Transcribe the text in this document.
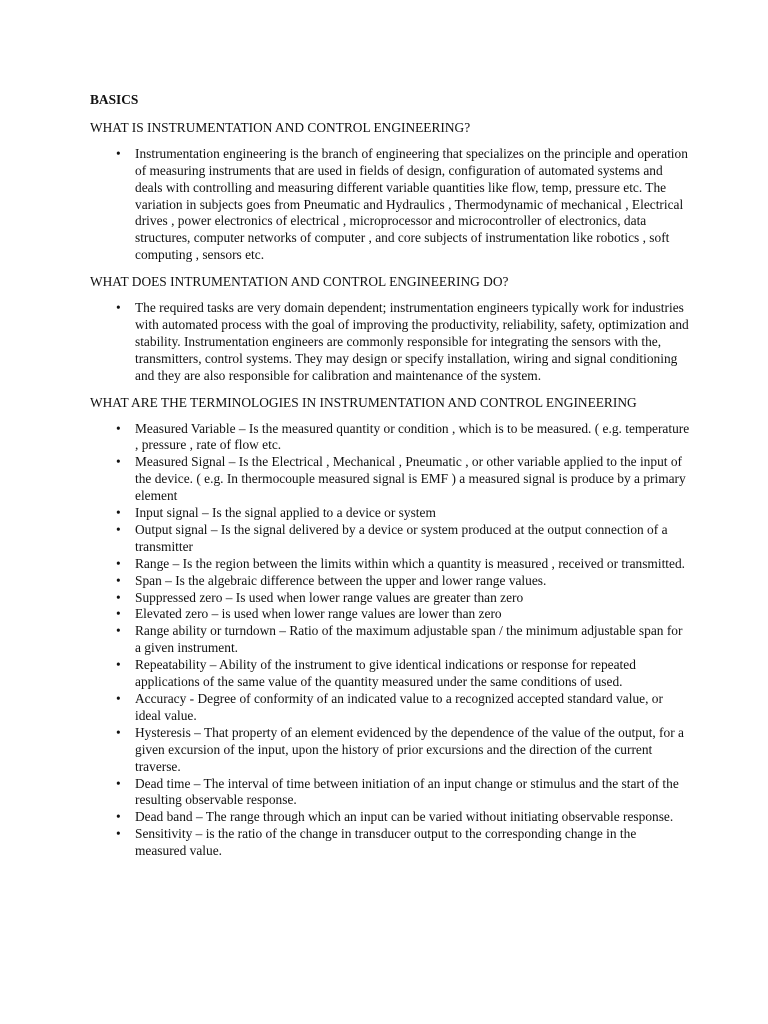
BASICS
WHAT IS INSTRUMENTATION AND CONTROL ENGINEERING?
• Instrumentation engineering is the branch of engineering that specializes on the principle and operation of measuring instruments that are used in fields of design, configuration of automated systems and deals with controlling and measuring different variable quantities like flow, temp, pressure etc. The variation in subjects goes from Pneumatic and Hydraulics , Thermodynamic of mechanical , Electrical drives , power electronics of electrical , microprocessor and microcontroller of electronics, data structures, computer networks of computer , and core subjects of instrumentation like robotics , soft computing , sensors etc.
WHAT DOES INTRUMENTATION AND CONTROL ENGINEERING DO?
• The required tasks are very domain dependent; instrumentation engineers typically work for industries with automated process with the goal of improving the productivity, reliability, safety, optimization and stability. Instrumentation engineers are commonly responsible for integrating the sensors with the, transmitters, control systems. They may design or specify installation, wiring and signal conditioning and they are also responsible for calibration and maintenance of the system.
WHAT ARE THE TERMINOLOGIES IN INSTRUMENTATION AND CONTROL ENGINEERING
• Measured Variable – Is the measured quantity or condition , which is to be measured. ( e.g. temperature , pressure , rate of flow etc.
• Measured Signal – Is the Electrical , Mechanical , Pneumatic , or other variable applied to the input of the device. ( e.g. In thermocouple measured signal is EMF ) a measured signal is produce by a primary element
• Input signal – Is the signal applied to a device or system
• Output signal – Is the signal delivered by a device or system produced at the output connection of a transmitter
• Range – Is the region between the limits within which a quantity is measured , received or transmitted.
• Span – Is the algebraic difference between the upper and lower range values.
• Suppressed zero – Is used when lower range values are greater than zero
• Elevated zero – is used when lower range values are lower than zero
• Range ability or turndown – Ratio of the maximum adjustable span / the minimum adjustable span for a given instrument.
• Repeatability – Ability of the instrument to give identical indications or response for repeated applications of the same value of the quantity measured under the same conditions of used.
• Accuracy - Degree of conformity of an indicated value to a recognized accepted standard value, or ideal value.
• Hysteresis – That property of an element evidenced by the dependence of the value of the output, for a given excursion of the input, upon the history of prior excursions and the direction of the current traverse.
• Dead time – The interval of time between initiation of an input change or stimulus and the start of the resulting observable response.
• Dead band – The range through which an input can be varied without initiating observable response.
• Sensitivity – is the ratio of the change in transducer output to the corresponding change in the measured value.
